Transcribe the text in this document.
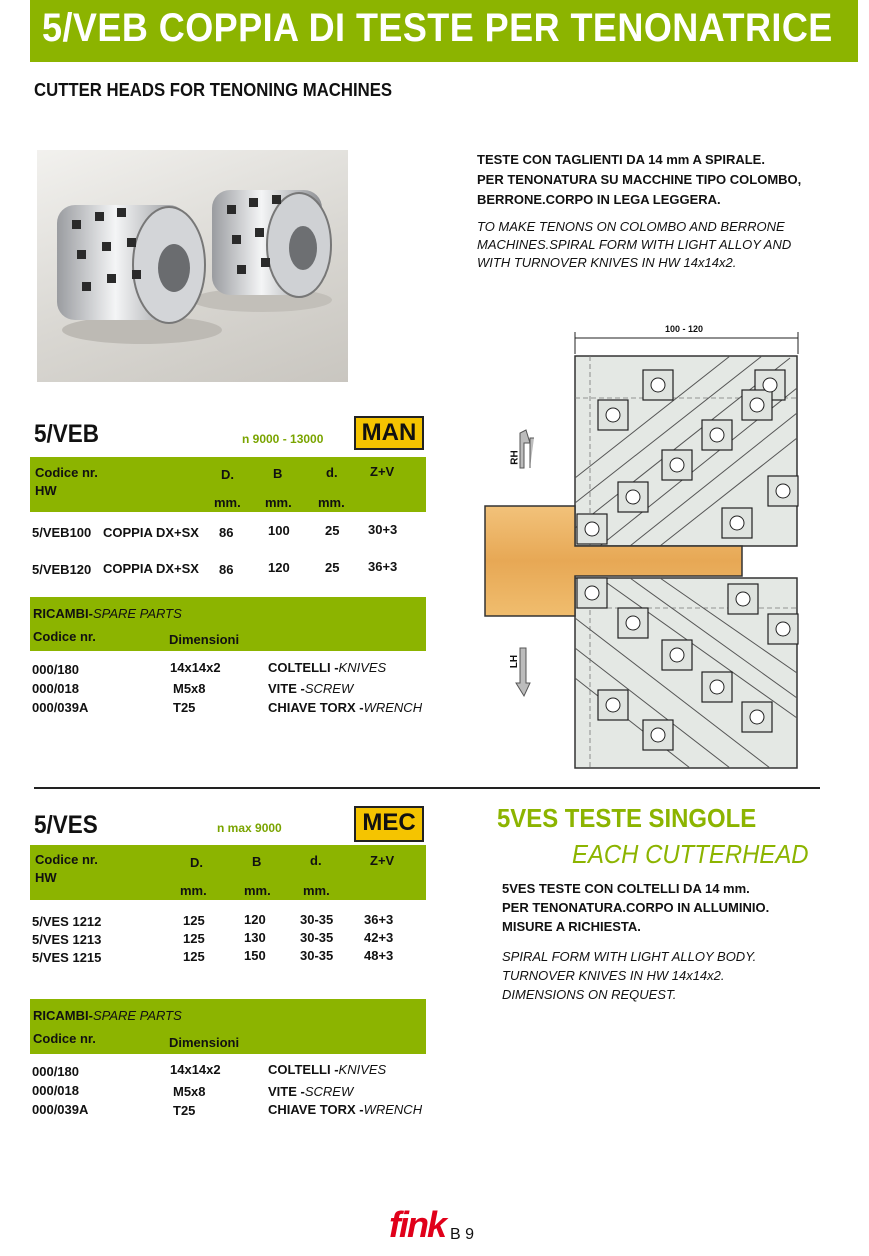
5/VEB COPPIA DI TESTE PER TENONATRICE
CUTTER HEADS FOR TENONING MACHINES
TESTE CON TAGLIENTI DA 14 mm A SPIRALE.
PER TENONATURA SU MACCHINE TIPO COLOMBO,
BERRONE.CORPO IN LEGA LEGGERA.
TO MAKE TENONS ON COLOMBO AND BERRONE
MACHINES.SPIRAL FORM WITH LIGHT ALLOY AND
WITH TURNOVER KNIVES IN HW 14x14x2.
100 - 120
RH
LH
5/VEB	n 9000 - 13000	MAN
Codice nr.
HW
D.	B	d. Z+V
mm. mm. mm.
5/VEB100 COPPIA DX+SX 86	100	25 30+3
5/VEB120 COPPIA DX+SX 86	120	25 36+3
RICAMBI-SPARE PARTS
Codice nr.	Dimensioni
000/180	14x14x2	COLTELLI -KNIVES
000/018	M5x8	VITE -SCREW
000/039A	T25	CHIAVE TORX -WRENCH
5/VES	n max 9000	MEC
Codice nr.
HW
D.	B	d.	Z+V
mm.	mm. mm.
5/VES 1212	125	120	30-35 36+3
5/VES 1213	125	130	30-35 42+3
5/VES 1215	125	150	30-35 48+3
RICAMBI-SPARE PARTS
Codice nr.	Dimensioni
000/180	14x14x2	COLTELLI -KNIVES
000/018	M5x8	VITE -SCREW
000/039A	T25	CHIAVE TORX -WRENCH
5VES TESTE SINGOLE
EACH CUTTERHEAD
5VES TESTE CON COLTELLI DA 14 mm.
PER TENONATURA.CORPO IN ALLUMINIO.
MISURE A RICHIESTA.
SPIRAL FORM WITH LIGHT ALLOY BODY.
TURNOVER KNIVES IN HW 14x14x2.
DIMENSIONS ON REQUEST.
fink B 9
